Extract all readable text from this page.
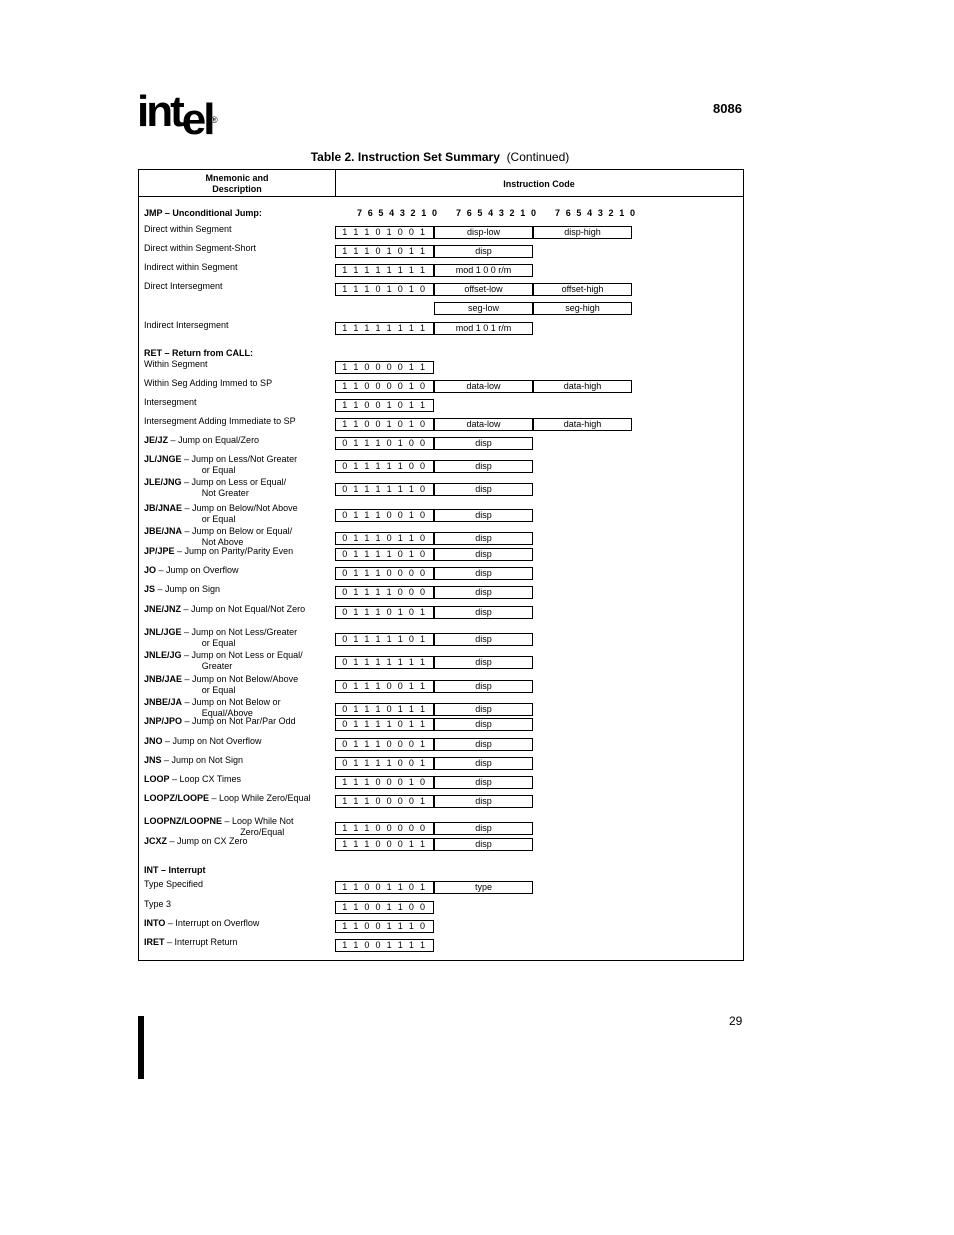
intel
®
8086
Table 2. Instruction Set Summary (Continued)
Mnemonic and
Description	Instruction Code
7 6 5 4 3 2 1 0 7 6 5 4 3 2 1 0 7 6 5 4 3 2 1 0
JMP – Unconditional Jump:
RET – Return from CALL:
INT – Interrupt
Direct within Segment	1 1 1 0 1 0 0 1	disp-low	disp-high
Direct within Segment-Short	1 1 1 0 1 0 1 1	disp
Indirect within Segment	1 1 1 1 1 1 1 1	mod 1 0 0 r/m
Direct Intersegment	1 1 1 0 1 0 1 0	offset-low	offset-high
seg-low	seg-high
Indirect Intersegment	1 1 1 1 1 1 1 1	mod 1 0 1 r/m
Within Segment	1 1 0 0 0 0 1 1
Within Seg Adding Immed to SP	1 1 0 0 0 0 1 0	data-low	data-high
Intersegment	1 1 0 0 1 0 1 1
Intersegment Adding Immediate to SP	1 1 0 0 1 0 1 0	data-low	data-high
JE/JZ – Jump on Equal/Zero	0 1 1 1 0 1 0 0	disp
JL/JNGE – Jump on Less/Not Greater
or Equal	0 1 1 1 1 1 0 0	disp
JLE/JNG – Jump on Less or Equal/
Not Greater	0 1 1 1 1 1 1 0	disp
JB/JNAE – Jump on Below/Not Above
or Equal	0 1 1 1 0 0 1 0	disp
JBE/JNA – Jump on Below or Equal/
Not Above	0 1 1 1 0 1 1 0	disp
JP/JPE – Jump on Parity/Parity Even	0 1 1 1 1 0 1 0	disp
JO – Jump on Overflow	0 1 1 1 0 0 0 0	disp
JS – Jump on Sign	0 1 1 1 1 0 0 0	disp
JNE/JNZ – Jump on Not Equal/Not Zero	0 1 1 1 0 1 0 1	disp
JNL/JGE – Jump on Not Less/Greater
or Equal	0 1 1 1 1 1 0 1	disp
JNLE/JG – Jump on Not Less or Equal/
Greater	0 1 1 1 1 1 1 1	disp
JNB/JAE – Jump on Not Below/Above
or Equal	0 1 1 1 0 0 1 1	disp
JNBE/JA – Jump on Not Below or
Equal/Above	0 1 1 1 0 1 1 1	disp
JNP/JPO – Jump on Not Par/Par Odd	0 1 1 1 1 0 1 1	disp
JNO – Jump on Not Overflow	0 1 1 1 0 0 0 1	disp
JNS – Jump on Not Sign	0 1 1 1 1 0 0 1	disp
LOOP – Loop CX Times	1 1 1 0 0 0 1 0	disp
LOOPZ/LOOPE – Loop While Zero/Equal	1 1 1 0 0 0 0 1	disp
LOOPNZ/LOOPNE – Loop While Not
Zero/Equal	1 1 1 0 0 0 0 0	disp
JCXZ – Jump on CX Zero	1 1 1 0 0 0 1 1	disp
Type Specified	1 1 0 0 1 1 0 1	type
Type 3	1 1 0 0 1 1 0 0
INTO – Interrupt on Overflow	1 1 0 0 1 1 1 0
IRET – Interrupt Return	1 1 0 0 1 1 1 1
29
